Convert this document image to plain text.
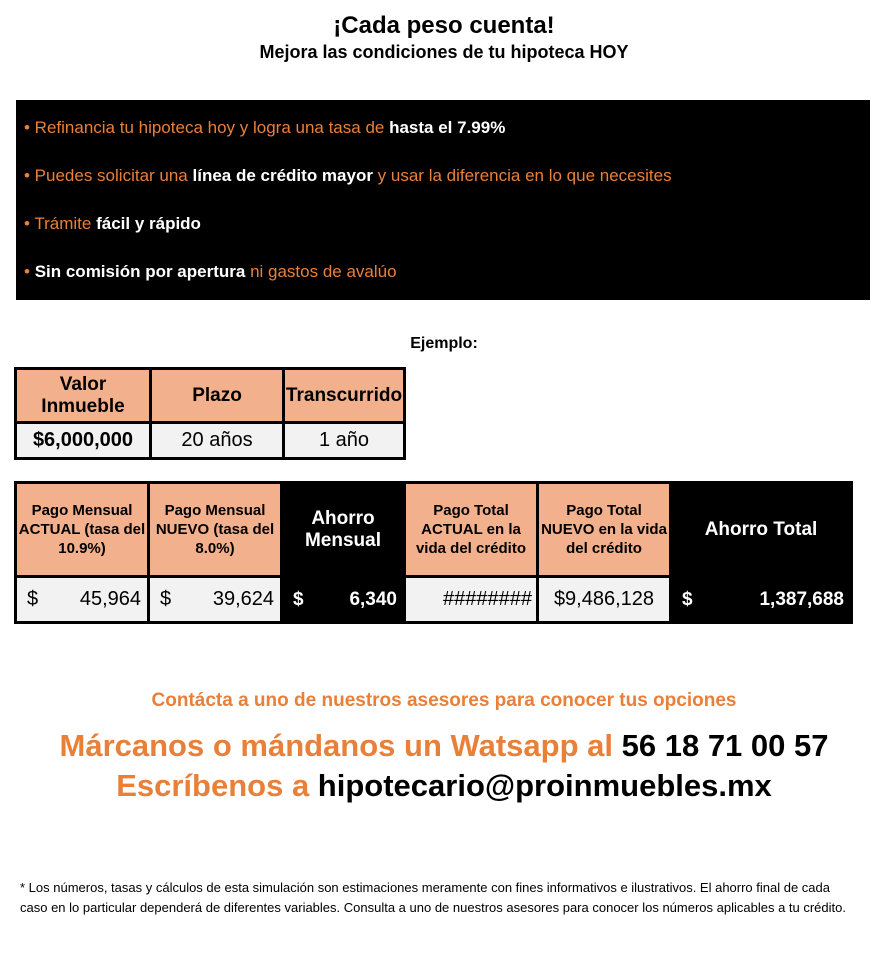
¡Cada peso cuenta!
Mejora las condiciones de tu hipoteca HOY
• Refinancia tu hipoteca hoy y logra una tasa de hasta el 7.99%
• Puedes solicitar una línea de crédito mayor y usar la diferencia en lo que necesites
• Trámite fácil y rápido
• Sin comisión por apertura ni gastos de avalúo
Ejemplo:
Valor Inmueble	Plazo	Transcurrido
$6,000,000	20 años	1 año
Pago Mensual ACTUAL (tasa del 10.9%)	Pago Mensual NUEVO (tasa del 8.0%)	Ahorro Mensual	Pago Total ACTUAL en la vida del crédito	Pago Total NUEVO en la vida del crédito	Ahorro Total

$ 45,964	$ 39,624	$ 6,340	########	$9,486,128	$ 1,387,688
Contácta a uno de nuestros asesores para conocer tus opciones
Márcanos o mándanos un Watsapp al 56 18 71 00 57
Escríbenos a hipotecario@proinmuebles.mx
* Los números, tasas y cálculos de esta simulación son estimaciones meramente con fines informativos e ilustrativos. El ahorro final de cada caso en lo particular dependerá de diferentes variables. Consulta a uno de nuestros asesores para conocer los números aplicables a tu crédito.
